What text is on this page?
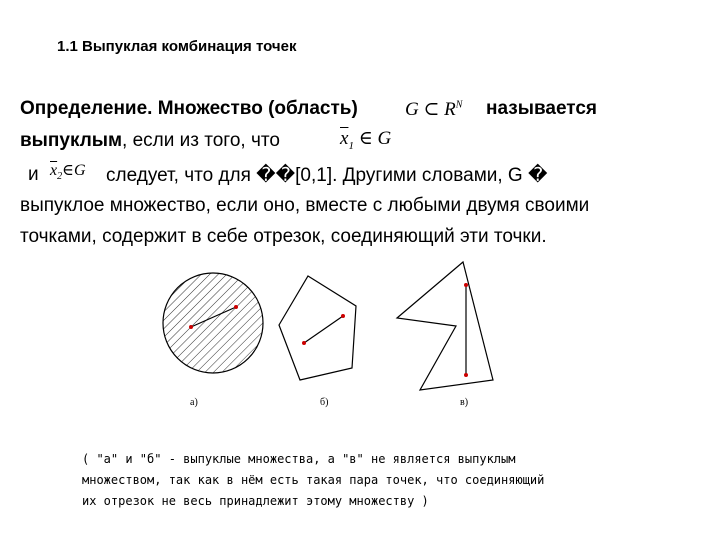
1.1 Выпуклая комбинация точек
Определение. Множество (область) G ⊂ $R^N$ называется
выпуклым, если из того, что	$\overline{x}_1$ ∈ G
и $\overline{x}_2\in G$ следует, что для ��[0,1]. Другими словами, G �
выпуклое множество, если оно, вместе с любыми двумя своими
точками, содержит в себе отрезок, соединяющий эти точки.
а)	б)	в)
( "а" и "б" - выпуклые множества, а "в" не является выпуклым
множеством, так как в нём есть такая пара точек, что соединяющий
их отрезок не весь принадлежит этому множеству )
